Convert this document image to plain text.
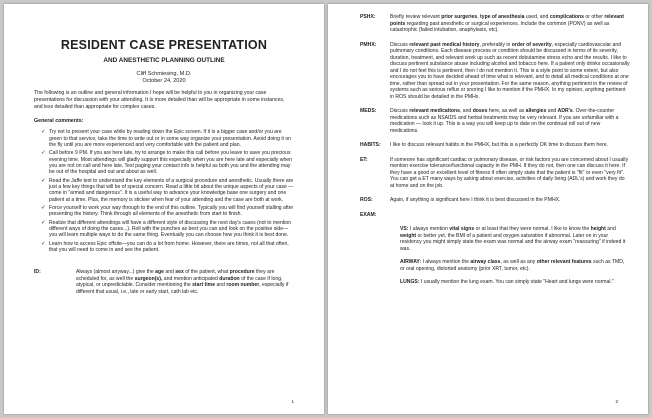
RESIDENT CASE PRESENTATION

AND ANESTHETIC PLANNING OUTLINE

Cliff Schmiesing, M.D.
October 24, 2020

The following is an outline and general information I hope will be helpful to you in organizing your case presentations for discussion with your attending. It is more detailed than will be appropriate in some instances, and less detailed than appropriate for complex cases.

General comments:
✓ Try not to present your case while by reading down the Epic screen. If it is a bigger case and/or you are green to that service, take the time to write out or in some way organize your presentation. Avoid doing it on the fly until you are more experienced and very comfortable with the patient and plan.
✓ Call before 9 PM. If you are here late, try to arrange to make this call before you leave to save you precious evening time. Most attendings will gladly support this especially when you are here late and especially when you are not on call and here late. Text paging your contact info is helpful as both you and the attending may be out of the hospital and out and about as well.
✓ Read the Jaffe text to understand the key elements of a surgical procedure and anesthetic. Usually there are just a few key things that will be of special concern. Read a little bit about the unique aspects of your case — come in "armed and dangerous". It is a useful way to advance your knowledge base one surgery and one patient at a time. Plus, the memory is stickier when fear of your attending and the case are both at work.
✓ Force yourself to work your way through to the end of this outline. Typically you will find yourself stalling after presenting the history. Think through all elements of the anesthetic from start to finish.
✓ Realize that different attendings will have a different style of discussing the next day's cases (not to mention different ways of doing the cases...). Roll with the punches as best you can and look on the positive side—you will learn multiple ways to do the same thing. Eventually you can choose how you think it is best done.
✓ Learn how to access Epic offsite—you can do a lot from home. However, there are times, not all that often, that you will need to come in and see the patient.
ID:	Always (almost anyway...) give the age and sex of the patient, what procedure they are scheduled for, as well the surgeon(s), and mention anticipated duration of the case if long, atypical, or unpredictable. Consider mentioning the start time and room number, especially if different that usual, i.e., late or early start, cath lab etc.
1
PSHX:	Briefly review relevant prior surgeries, type of anesthesia used, and complications or other relevant points regarding past anesthetic or surgical experiences. Include the common (PONV) as well as catastrophic (failed intubation, anaphylaxis, etc).
PMHX:	Discuss relevant past medical history, preferably in order of severity, especially cardiovascular and pulmonary conditions. Each disease process or condition should be discussed in terms of its severity, duration, treatment, and relevant work up such as recent dobutamine stress echo and the results. I like to discuss pertinent substance abuse including alcohol and tobacco here. If a patient only drinks occasionally and I do not feel this is pertinent, then I do not mention it. This is a style point to some extent, but also encourages you to have decided ahead of time what is relevant, and to detail all medical conditions at one time, rather than spread out in your presentation. For the same reason, anything pertinent in the review of systems such as serious reflux or snoring I like to mention if the PMHX. In my opinion, anything pertinent in ROS should be detailed in the PMHx.
MEDS:	Discuss relevant medications, and doses here, as well as allergies and ADR's. Over-the-counter medications such as NSAIDS and herbal treatments may be very relevant. If you are unfamiliar with a medication — look it up. This is a way you will keep up to date on the continual roll out of new medications.
HABITS:	I like to discuss relevant habits in the PMHX, but this is a perfectly OK time to discuss them here.
ET:	If someone has significant cardiac or pulmonary disease, or risk factors you are concerned about I usually mention exercise tolerance/functional capacity in the PMH. If they do not, then one can discuss it here. If they have a good or excellent level of fitness if often simply state that the patient is "fit" or even "very fit". You can get a ET many ways by asking about exercise, activities of daily living (ADL's) and work they do at home and on the job.
ROS:	Again, if anything is significant here I think it is best discussed in the PMHX.
EXAM:

VS: I always mention vital signs or at least that they were normal. I like to know the height and weight or better yet, the BMI of a patient and oxygen saturation if abnormal. Later on in your residency you might simply state the exam was normal and the airway exam "reassuring" if indeed it was.

AIRWAY: I always mention the airway class, as well as any other relevant features such as TMD, or oral opening, distorted anatomy (prior XRT, tumor, etc).

LUNGS: I usually mention the lung exam. You can simply state "Heart and lungs were normal."

2
